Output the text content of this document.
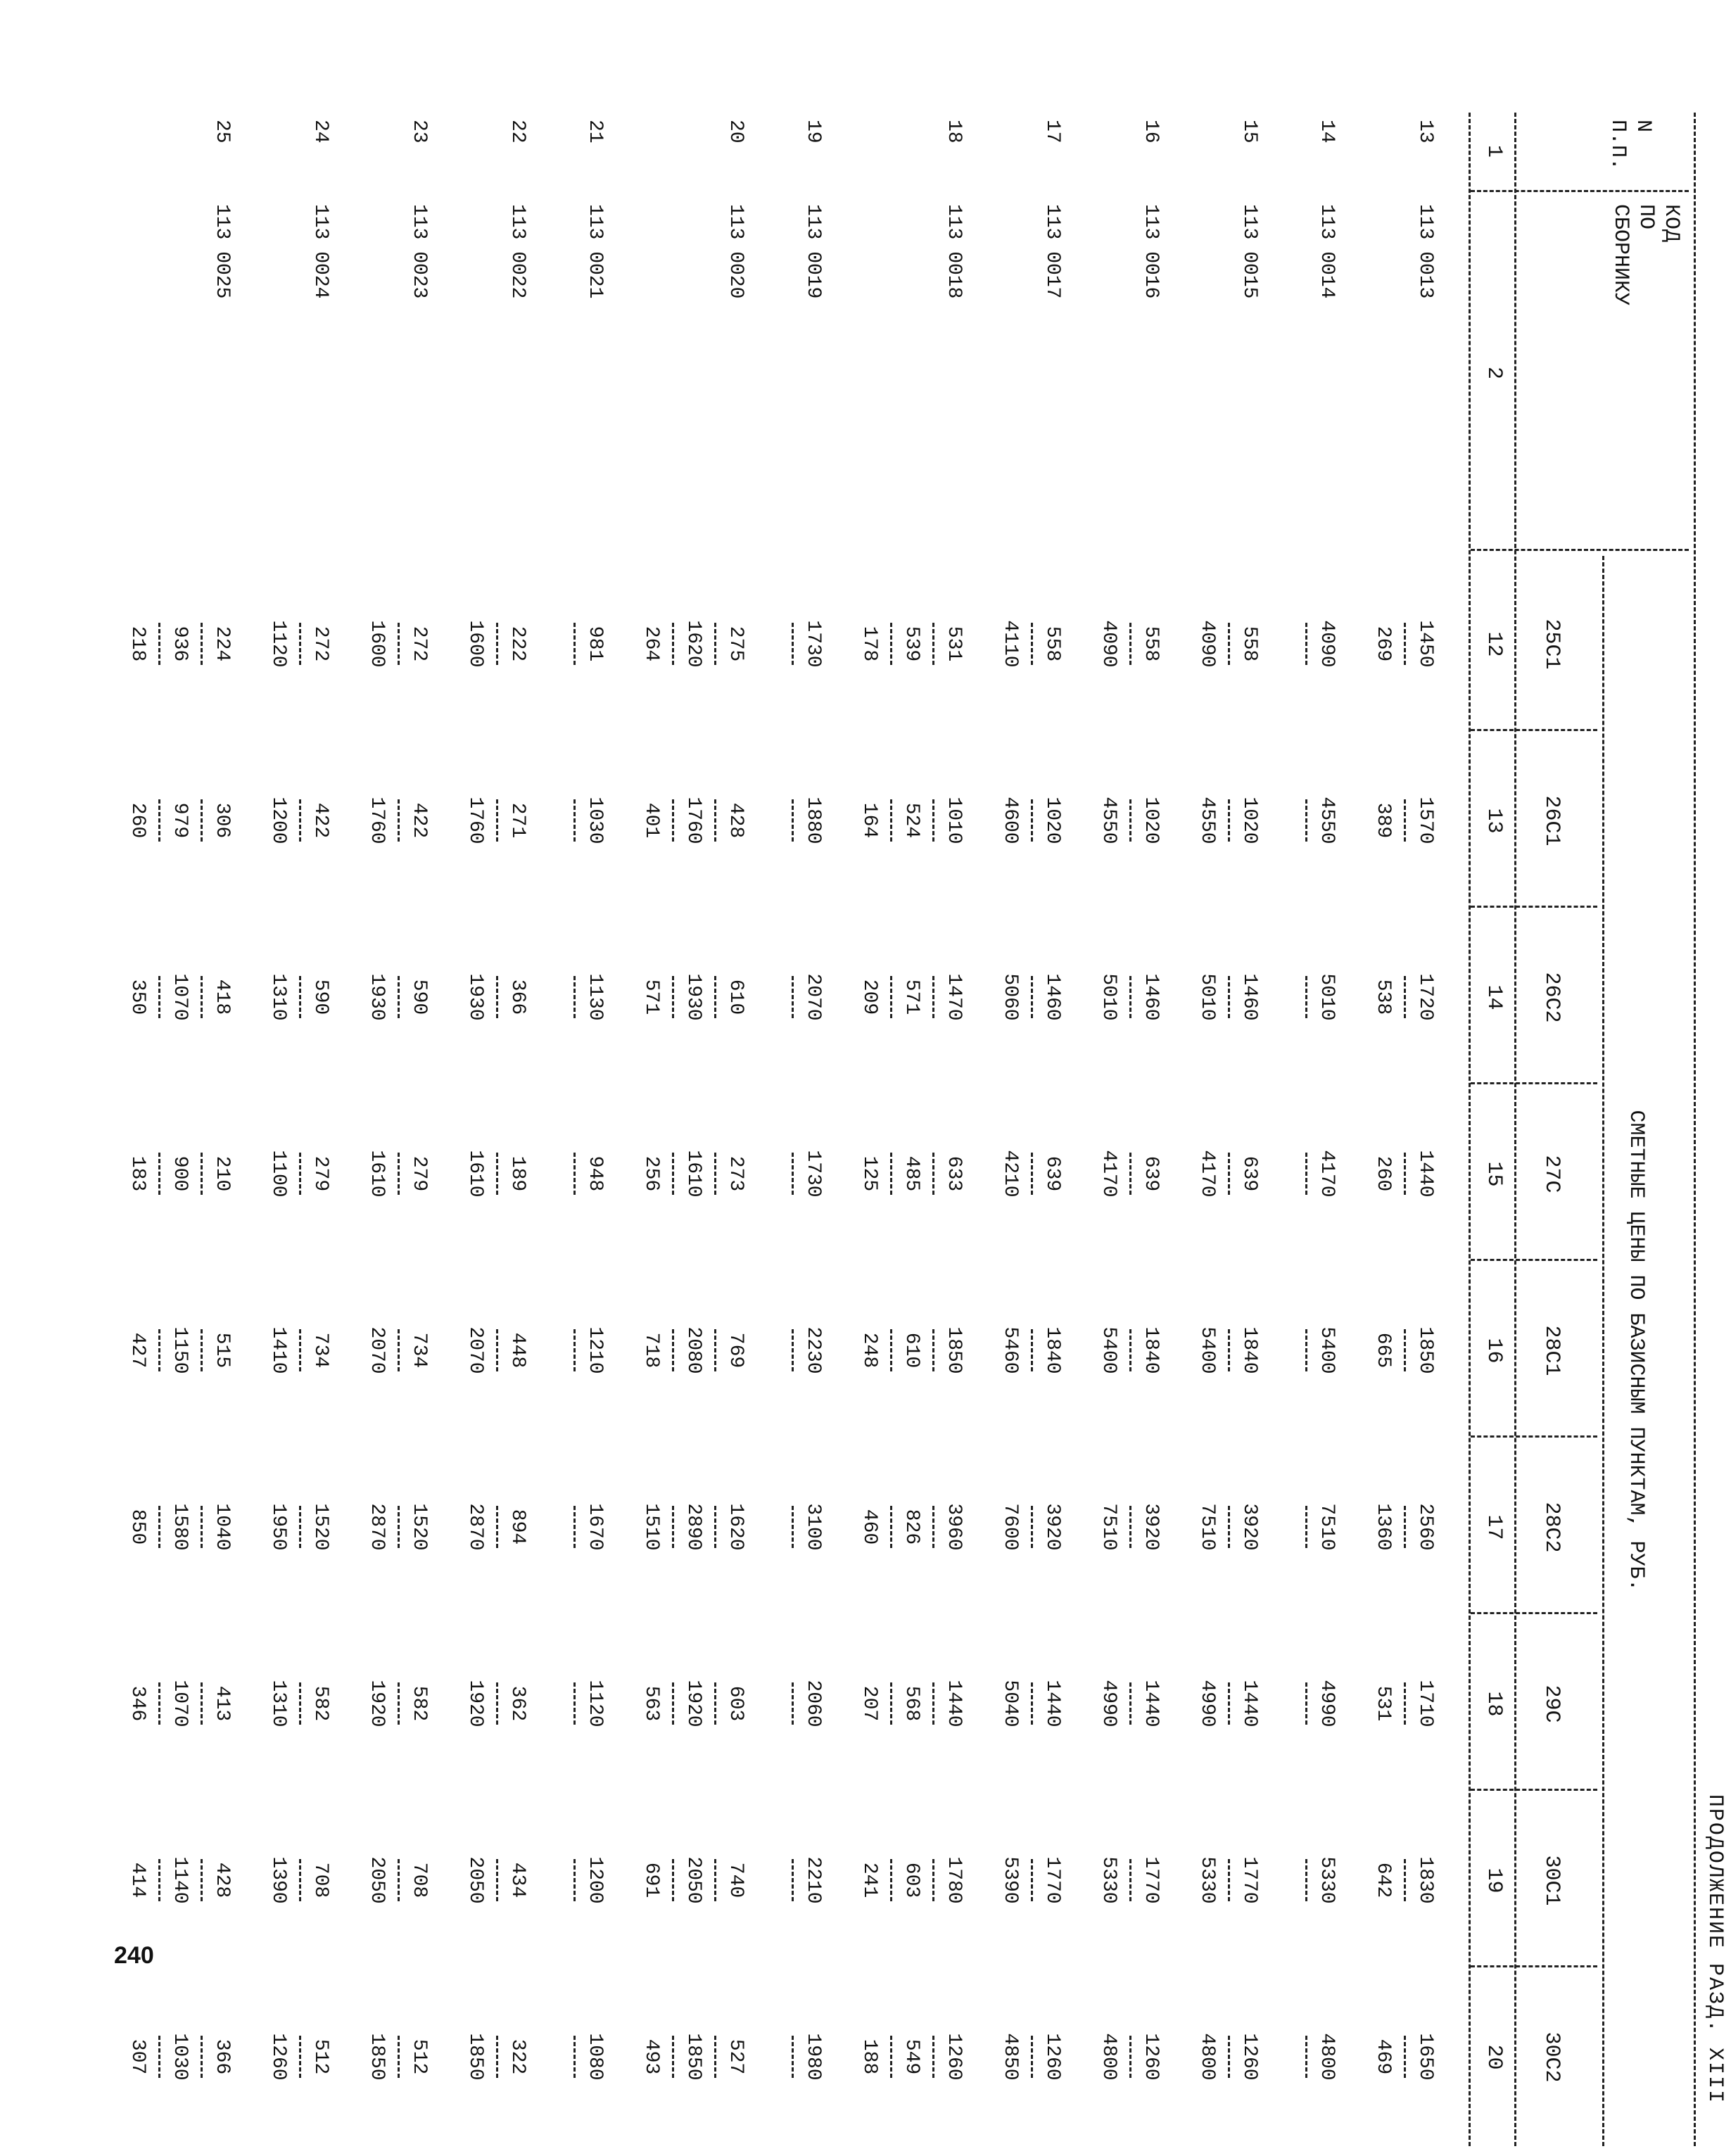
240	ПРОДОЛЖЕНИЕ РАЗД. XIII
N
П.П.
КОД
ПО
СБОРНИКУ
СМЕТНЫЕ ЦЕНЫ ПО БАЗИСНЫМ ПУНКТАМ, РУБ.
25С1
26С1
26С2
27С
28С1
28С2
29С
30С1
30С2
1
2
12
13
14
15
16
17
18
19
20
13
113 0013
1450
269
1570
389
1720
538
1440
260
1850
665
2560
1360
1710
531
1830
642
1650
469
14
113 0014
4090
4550
5010
4170
5400
7510
4990
5330
4800
15
113 0015
558
4090
1020
4550
1460
5010
639
4170
1840
5400
3920
7510
1440
4990
1770
5330
1260
4800
16
113 0016
558
4090
1020
4550
1460
5010
639
4170
1840
5400
3920
7510
1440
4990
1770
5330
1260
4800
17
113 0017
558
4110
1020
4600
1460
5060
639
4210
1840
5460
3920
7600
1440
5040
1770
5390
1260
4850
18
113 0018
531
539
178
1010
524
164
1470
571
209
633
485
125
1850
610
248
3960
826
460
1440
568
207
1780
603
241
1260
549
188
19
113 0019
1730
1880
2070
1730
2230
3100
2060
2210
1980
20
113 0020
275
1620
264
428
1760
401
610
1930
571
273
1610
256
769
2080
718
1620
2890
1510
603
1920
563
740
2050
691
527
1850
493
21
113 0021
981
1030
1130
948
1210
1670
1120
1200
1080
22
113 0022
222
1600
271
1760
366
1930
189
1610
448
2070
894
2870
362
1920
434
2050
322
1850
23
113 0023
272
1600
422
1760
590
1930
279
1610
734
2070
1520
2870
582
1920
708
2050
512
1850
24
113 0024
272
1120
422
1200
590
1310
279
1100
734
1410
1520
1950
582
1310
708
1390
512
1260
25
113 0025
224
936
218
306
979
260
418
1070
350
210
900
183
515
1150
427
1040
1580
850
413
1070
346
428
1140
414
366
1030
307
